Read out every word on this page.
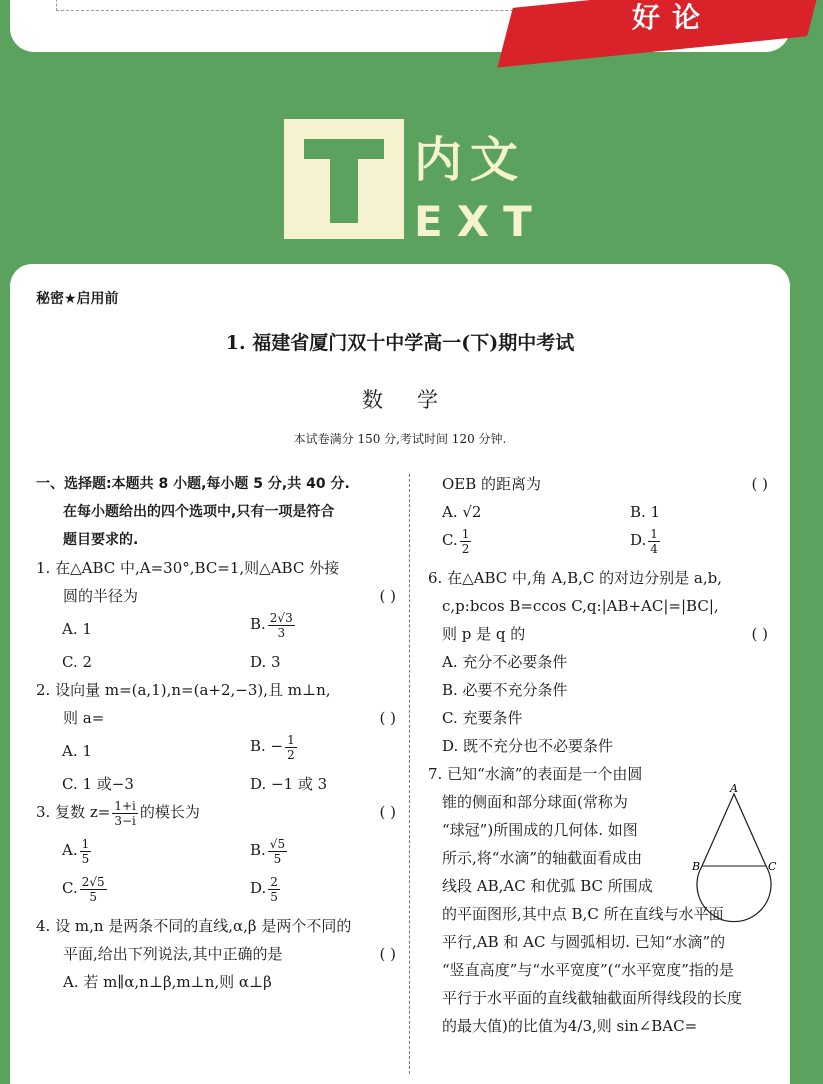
好论
内文
EXT
秘密★启用前
1. 福建省厦门双十中学高一(下)期中考试
数学
本试卷满分 150 分,考试时间 120 分钟.
一、选择题:本题共 8 小题,每小题 5 分,共 40 分.
在每小题给出的四个选项中,只有一项是符合
题目要求的.
1. 在△ABC 中,A=30°,BC=1,则△ABC 外接
圆的半径为	( )
A. 1	B. $\frac{2√3}{3}$
C. 2	D. 3
2. 设向量 m=(a,1),n=(a+2,−3),且 m⊥n,
则 a=	( )
A. 1	B. − $\frac{1}{2}$
C. 1 或−3	D. −1 或 3
3. 复数 $z= \frac{1+i}{3-i}$ 的模长为	( )
A. $\frac{1}{5}$	B. $\frac{√5}{5}$
C. $\frac{2√5}{5}$	D. $\frac{2}{5}$
4. 设 m,n 是两条不同的直线,α,β 是两个不同的
平面,给出下列说法,其中正确的是	( )
A. 若 m∥α,n⊥β,m⊥n,则 α⊥β
OEB 的距离为	( )
A. √2	B. 1
C. $\frac{1}{2}$	D. $\frac{1}{4}$
6. 在△ABC 中,角 A,B,C 的对边分别是 a,b,
c,p:bcos B=ccos C,q:|AB+AC|=|BC|,
则 p 是 q 的	( )
A. 充分不必要条件
B. 必要不充分条件
C. 充要条件
D. 既不充分也不必要条件
7. 已知“水滴”的表面是一个由圆
锥的侧面和部分球面(常称为
“球冠”)所围成的几何体. 如图
所示,将“水滴”的轴截面看成由
线段 AB,AC 和优弧 BC 所围成
的平面图形,其中点 B,C 所在直线与水平面
平行,AB 和 AC 与圆弧相切. 已知“水滴”的
“竖直高度”与“水平宽度”(“水平宽度”指的是
平行于水平面的直线截轴截面所得线段的长度
的最大值)的比值为4/3,则 sin∠BAC=
A
B	C
